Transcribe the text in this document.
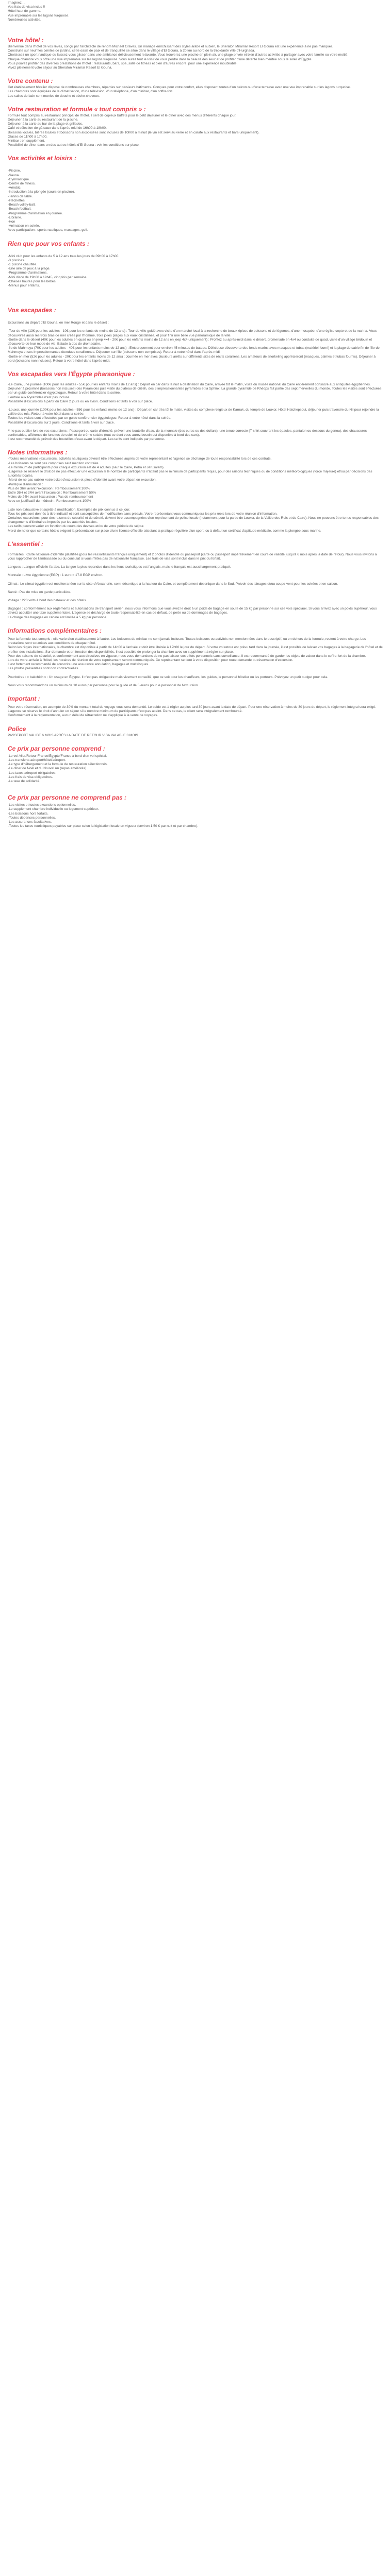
Imaginez ...

Vos frais de visa inclus !!

Hôtel haut de gamme.

Vue imprenable sur les lagons turquoise.

Nombreuses activités.

Votre hôtel :

Bienvenue dans l'hôtel de vos rêves, conçu par l'architecte de renom Michael Graves. Un mariage enrichissant des styles arabe et nubien, le Sheraton Miramar Resort El Gouna est une expérience à ne pas manquer.

Construite sur neuf îles ceintes de jardins, cette oasis de paix et de tranquillité se situe dans le village d'El Gouna, à 20 km au nord de la trépidante ville d'Hurghada.

Choisissez un sport nautique ou laissez-vous glisser dans une ambiance délicieusement relaxante. Vous trouverez une piscine en plein air, une plage privée et bien d'autres activités à partager avec votre famille ou votre moitié.

Chaque chambre vous offre une vue imprenable sur les lagons turquoise. Vous aurez tout le loisir de vous perdre dans la beauté des lieux et de profiter d'une détente bien méritée sous le soleil d'Égypte.

Vous pouvez profiter des diverses prestations de l'hôtel : restaurants, bars, spa, salle de fitness et bien d'autres encore, pour une expérience inoubliable.

Vivez pleinement votre séjour au Sheraton Miramar Resort El Gouna.

Votre contenu :

Cet établissement hôtelier dispose de nombreuses chambres, réparties sur plusieurs bâtiments. Conçues pour votre confort, elles disposent toutes d'un balcon ou d'une terrasse avec une vue imprenable sur les lagons turquoise.

Les chambres sont équipées de la climatisation, d'une télévision, d'un téléphone, d'un minibar, d'un coffre-fort.

Les salles de bain sont munies de douche et sèche-cheveux.

Votre restauration et formule « tout compris » :

Formule tout compris au restaurant principal de l'hôtel, il sert de copieux buffets pour le petit déjeuner et le dîner avec des menus différents chaque jour.

Déjeuner à la carte au restaurant de la piscine.

Déjeuner à la carte au bar de la plage et grillades.

Café et sélection de gâteaux dans l'après-midi de 16h00 à 18h00.

Boissons locales, bières locales et boissons non alcoolisées sont incluses de 10h00 à minuit (le vin est servi au verre et en carafe aux restaurants et bars uniquement).

Glaces de 11h00 à 17h00.

Minibar : en supplément.

Possibilité de dîner dans un des autres hôtels d'El Gouna : voir les conditions sur place.

Vos activités et loisirs :

-Piscine.

-Sauna.

-Gymnastique.

-Centre de fitness.

-Aérobic.

-Introduction à la plongée (cours en piscine).

-Tennis de table.

-Fléchettes.

-Beach volley-ball.

-Beach football.

-Programme d'animation en journée.

-Librairie.

-Hon

-Animation en soirée.

Avec participation : sports nautiques, massages, golf.

Rien que pour vos enfants :

-Mini club pour les enfants de 5 à 12 ans tous les jours de 09h00 à 17h00.

-3 piscines.

-1 piscine chauffée.

-Une aire de jeux à la plage.

-Programme d'animations.

-Mini disco de 19h00 à 19h45, cinq fois par semaine.

-Chaises hautes pour les bébés.

-Menus pour enfants.

Vos escapades :

Excursions au départ d'El Gouna, en mer Rouge et dans le désert :

-Tour de ville (13€ pour les adultes - 10€ pour les enfants de moins de 12 ans) : Tour de ville guidé avec visite d'un marché local à la recherche de beaux épices de poissons et de légumes, d'une mosquée, d'une église copte et de la marina. Vous découvrirez aussi les trois bras de mer créés par l'homme, trois jolies plages aux eaux cristallines, et pour finir une belle vue panoramique de la ville.

-Sortie dans le désert (40€ pour les adultes en quad ou en jeep 4x4 - 20€ pour les enfants moins de 12 ans en jeep 4x4 uniquement) : Profitez au après-midi dans le désert, promenade en 4x4 ou conduite de quad, visite d'un village bédouin et découverte de leur mode de vie. Balade à dos de dromadaire.

-Île de Mahmeya (70€ pour les adultes - 40€ pour les enfants moins de 12 ans) : Embarquement pour environ 45 minutes de bateau. Délicieuse découverte des fonds marins avec masques et tubas (matériel fourni) et la plage de sable fin de l'île de Mahmeya et ses impressionnantes étendues coralliennes. Déjeuner sur l'île (boissons non comprises). Retour à votre hôtel dans l'après-midi.

-Sortie en mer (52€ pour les adultes - 20€ pour les enfants moins de 12 ans) : Journée en mer avec plusieurs arrêts sur différents sites de récifs coralliens. Les amateurs de snorkeling apprécieront (masques, palmes et tubas fournis). Déjeuner à bord (boissons non incluses). Retour à votre hôtel dans l'après-midi.

Vos escapades vers l'Égypte pharaonique :

-Le Caire, une journée (100€ pour les adultes - 55€ pour les enfants moins de 12 ans) : Départ en car dans la nuit à destination du Caire, arrivée tôt le matin, visite du musée national du Caire entièrement consacré aux antiquités égyptiennes. Déjeuner à proximité (boissons non incluses) des Pyramides puis visite du plateau de Gizeh, des 3 impressionnantes pyramides et la Sphinx. La grande pyramide de Khéops fait partie des sept merveilles du monde. Toutes les visites sont effectuées par un guide conférencier égyptologue. Retour à votre hôtel dans la soirée.

L'entrée aux Pyramides n'est pas incluse.

Possibilité d'excursions à partir du Caire 2 jours ou en avion. Conditions et tarifs à voir sur place.

-Louxor, une journée (100€ pour les adultes - 55€ pour les enfants moins de 12 ans) : Départ en car très tôt le matin, visites du complexe religieux de Karnak, du temple de Louxor, Hôtel Hatchepsout, déjeuner puis traversée du Nil pour rejoindre la vallée des rois. Retour à votre hôtel dans la soirée.

Toutes les visites sont effectuées par un guide conférencier égyptologue. Retour à votre hôtel dans la soirée.

Possibilité d'excursions sur 2 jours. Conditions et tarifs à voir sur place.

# ne pas oublier lors de vos excursions : Passeport ou carte d'identité, prévoir une bouteille d'eau, de la monnaie (des euros ou des dollars), une tenue correcte (T-shirt couvrant les épaules, pantalon ou dessous du genou), des chaussures confortables, afférence de lunettes de soleil et de crème solaire (tout ce dont vous aurez besoin est disponible à bord des cars).

Il est recommandé de prévoir des bouteilles d'eau avant le départ. Les tarifs sont indiqués par personne.

Notes informatives :

-Toutes réservations (excursions, activités nautiques) devront être effectuées auprès de votre représentant et l'agence se décharge de toute responsabilité lors de ces contrats.

-Les boissons ne sont pas comprises sauf mention contraire.

-Le minimum de participants pour chaque excursion est de 4 adultes (sauf le Caire, Pétra et Jérusalem).

-L'agence se réserve le droit de ne pas effectuer une excursion si le nombre de participants n'atteint pas le minimum de participants requis, pour des raisons techniques ou de conditions météorologiques (force majeure) et/ou par décisions des autorités locales.

-Merci de ne pas oublier votre ticket d'excursion et pièce d'identité avant votre départ en excursion.

-Politique d'annulation :

Plus de 36H avant l'excursion : Remboursement 100%

Entre 36H et 24H avant l'excursion : Remboursement 50%

Moins de 24H avant l'excursion : Pas de remboursement

Avec un justificatif du médecin : Remboursement 100%

Liste non exhaustive et sujette à modification. Exemples de prix connus à ce jour.

Tous les prix sont donnés à titre indicatif et sont susceptibles de modification sans préavis. Votre représentant vous communiquera les prix réels lors de votre réunion d'information.

Certaines excursions, pour des raisons de sécurité et de sûreté, doivent être accompagnées d'un représentant de police locale (notamment pour la partie de Louxor, de la Vallée des Rois et du Caire). Nous ne pouvons être tenus responsables des changements d'itinéraires imposés par les autorités locales.

Les tarifs peuvent varier en fonction du cours des devises et/ou de votre période de séjour.

Merci de noter que certains hôtels exigent la présentation sur place d'une licence officielle attestant la pratique régulière d'un sport, ou à défaut un certificat d'aptitude médicale, comme la plongée sous-marine.

L'essentiel :

Formalités : Carte nationale d'identité plastifiée (pour les ressortissants français uniquement) et 2 photos d'identité ou passeport (carte ou passeport impérativement en cours de validité jusqu'à 6 mois après la date de retour). Nous vous invitons à vous rapprocher de l'ambassade ou du consulat si vous n'êtes pas de nationalité française. Les frais de visa sont inclus dans le prix du forfait.

Langues : Langue officielle l'arabe. La langue la plus répandue dans les lieux touristiques est l'anglais, mais le français est aussi largement pratiqué.

Monnaie : Livre égyptienne (EGP) : 1 euro = 17.8 EGP environ.

Climat : Le climat égyptien est méditerranéen sur la côte d'Alexandrie, semi-désertique à la hauteur du Caire, et complètement désertique dans le Sud. Prévoir des lainages et/ou coupe-vent pour les soirées et en saison.

Santé : Pas de mise en garde particulière.

Voltage : 220 volts à bord des bateaux et des hôtels.

Bagages : conformément aux règlements et autorisations de transport aérien, nous vous informons que vous avez le droit à un poids de bagage en soute de 15 kg par personne sur ces vols spéciaux. Si vous arrivez avec un poids supérieur, vous devrez acquitter une taxe supplémentaire. L'agence se décharge de toute responsabilité en cas de défaut, de perte ou de dommages de bagages.

La charge des bagages en cabine est limitée à 5 kg par personne.

Informations complémentaires :

Pour la formule tout compris : elle varie d'un établissement à l'autre. Les boissons du minibar ne sont jamais incluses. Toutes boissons ou activités non mentionnées dans le descriptif, ou en dehors de la formule, restent à votre charge. Les prestations sont soumises aux conditions de chaque hôtel.

Selon les règles internationales, la chambre est disponible à partir de 14h00 à l'arrivée et doit être libérée à 12h00 le jour du départ. Si votre vol retour est prévu tard dans la journée, il est possible de laisser vos bagages à la bagagerie de l'hôtel et de profiter des installations. Sur demande et en fonction des disponibilités, il est possible de prolonger la chambre avec un supplément à régler sur place.

Pour des raisons de sécurité, et conformément aux directives en vigueur, nous vous demandons de ne pas laisser vos effets personnels sans surveillance. Il est recommandé de garder les objets de valeur dans le coffre-fort de la chambre.

Lors de votre arrivée à l'hôtel, les horaires de réunion de votre représentant seront communiqués. Ce représentant se tient à votre disposition pour toute demande ou réservation d'excursion.

Il est fortement recommandé de souscrire une assurance annulation, bagages et multirisques.

Les photos présentées sont non contractuelles.

Pourboires : « bakchich » : Un usage en Égypte. Il n'est pas obligatoire mais vivement conseillé, que ce soit pour les chauffeurs, les guides, le personnel hôtelier ou les porteurs. Prévoyez un petit budget pour cela.

Nous vous recommandons un minimum de 10 euros par personne pour le guide et de 5 euros pour le personnel de l'excursion.

Important :

Pour votre réservation, un acompte de 30% du montant total du voyage vous sera demandé. Le solde est à régler au plus tard 30 jours avant la date de départ. Pour une réservation à moins de 30 jours du départ, le règlement intégral sera exigé.

L'agence se réserve le droit d'annuler un séjour si le nombre minimum de participants n'est pas atteint. Dans ce cas, le client sera intégralement remboursé.

Conformément à la réglementation, aucun délai de rétractation ne s'applique à la vente de voyages.

Police

PASSEPORT VALIDE 6 MOIS APRÈS LA DATE DE RETOUR VISA VALABLE 3 MOIS

Ce prix par personne comprend :

-Le vol Aller/Retour France/Égypte/France à bord d'un vol spécial.

-Les transferts aéroport/hôtel/aéroport.

-Le type d'hébergement et la formule de restauration sélectionnés.

-Le dîner de Noël et du Nouvel An (repas améliorés).

-Les taxes aéroport obligatoires.

-Les frais de visa obligatoires.

-La taxe de solidarité.

Ce prix par personne ne comprend pas :

-Les visites et toutes excursions optionnelles.

-Le supplément chambre individuelle ou logement supérieur.

-Les boissons hors forfaits.

-Toutes dépenses personnelles.

-Les assurances facultatives.

-Toutes les taxes touristiques payables sur place selon la législation locale en vigueur (environ 1.50 € par nuit et par chambre).
